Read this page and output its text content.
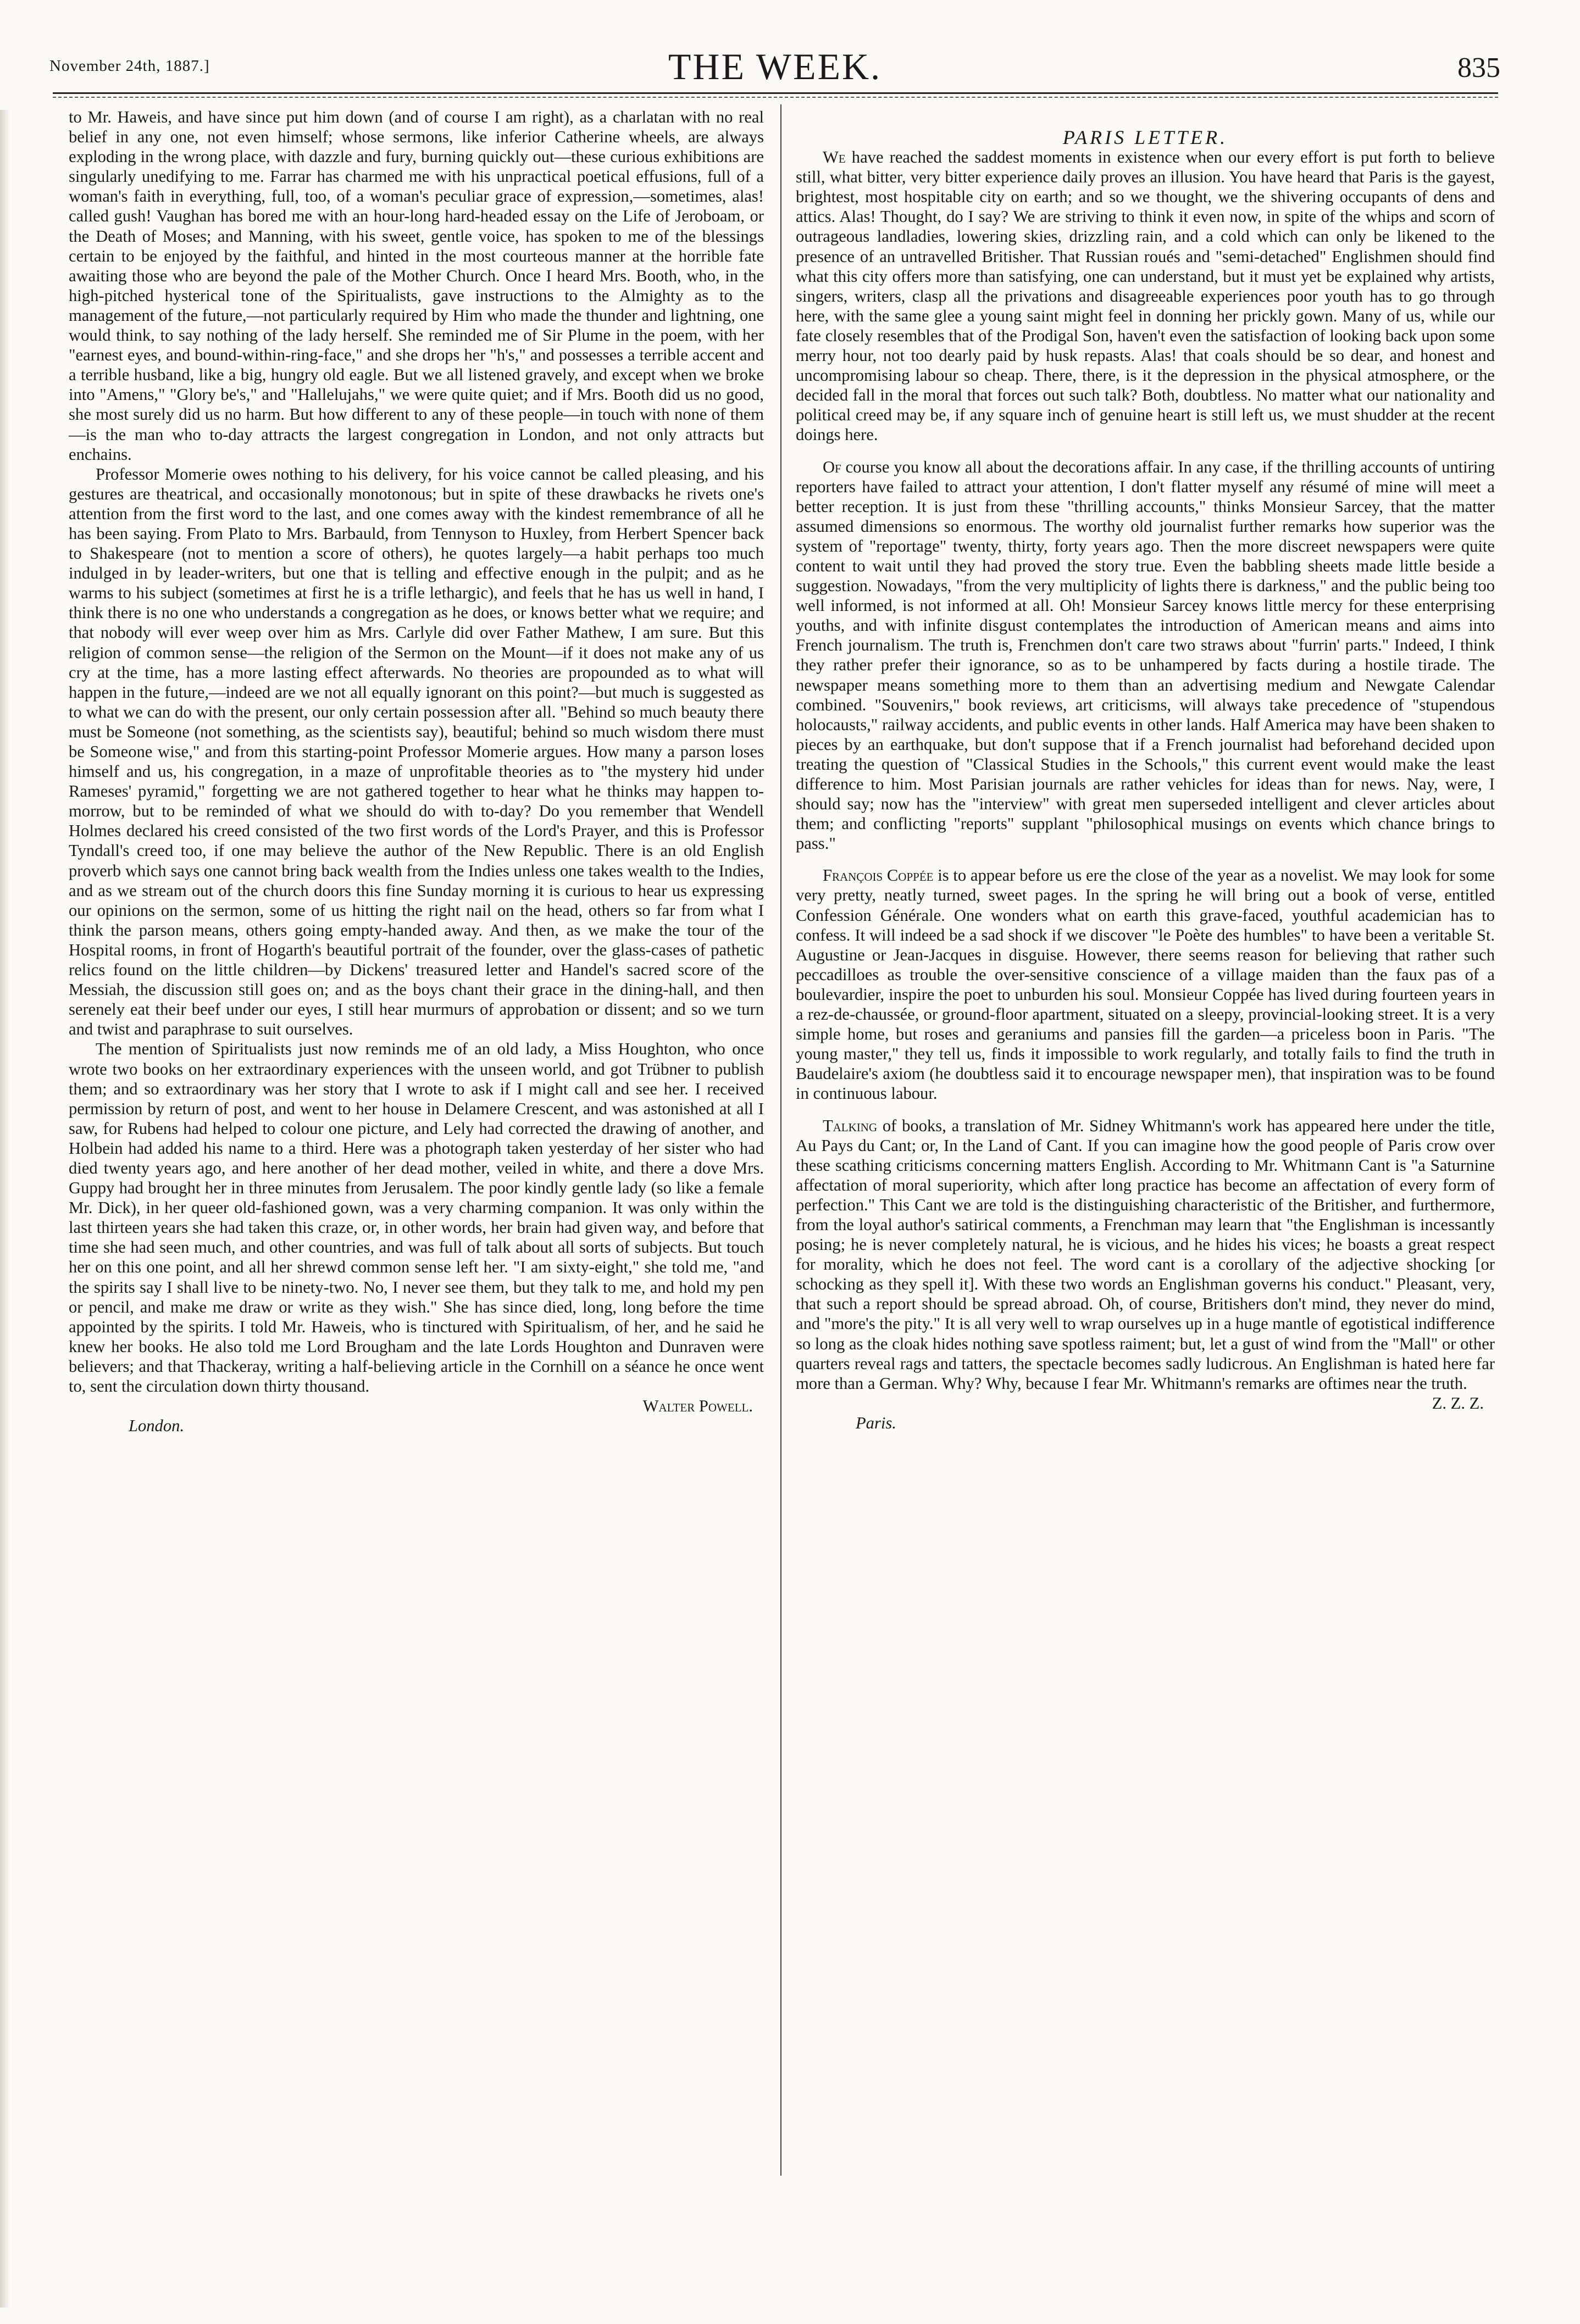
November 24th, 1887.]	THE WEEK.	835

to Mr. Haweis, and have since put him down (and of course I am right), as a charlatan with no real belief in any one, not even himself; whose sermons, like inferior Catherine wheels, are always exploding in the wrong place, with dazzle and fury, burning quickly out—these curious exhibitions are singularly unedifying to me. Farrar has charmed me with his unpractical poetical effusions, full of a woman's faith in everything, full, too, of a woman's peculiar grace of expression,—sometimes, alas! called gush! Vaughan has bored me with an hour-long hard-headed essay on the Life of Jeroboam, or the Death of Moses; and Manning, with his sweet, gentle voice, has spoken to me of the blessings certain to be enjoyed by the faithful, and hinted in the most courteous manner at the horrible fate awaiting those who are beyond the pale of the Mother Church. Once I heard Mrs. Booth, who, in the high-pitched hysterical tone of the Spiritualists, gave instructions to the Almighty as to the management of the future,—not particularly required by Him who made the thunder and lightning, one would think, to say nothing of the lady herself. She reminded me of Sir Plume in the poem, with her "earnest eyes, and bound-within-ring-face," and she drops her "h's," and possesses a terrible accent and a terrible husband, like a big, hungry old eagle. But we all listened gravely, and except when we broke into "Amens," "Glory be's," and "Hallelujahs," we were quite quiet; and if Mrs. Booth did us no good, she most surely did us no harm. But how different to any of these people—in touch with none of them—is the man who to-day attracts the largest congregation in London, and not only attracts but enchains.

Professor Momerie owes nothing to his delivery, for his voice cannot be called pleasing, and his gestures are theatrical, and occasionally monotonous; but in spite of these drawbacks he rivets one's attention from the first word to the last, and one comes away with the kindest remembrance of all he has been saying. From Plato to Mrs. Barbauld, from Tennyson to Huxley, from Herbert Spencer back to Shakespeare (not to mention a score of others), he quotes largely—a habit perhaps too much indulged in by leader-writers, but one that is telling and effective enough in the pulpit; and as he warms to his subject (sometimes at first he is a trifle lethargic), and feels that he has us well in hand, I think there is no one who understands a congregation as he does, or knows better what we require; and that nobody will ever weep over him as Mrs. Carlyle did over Father Mathew, I am sure. But this religion of common sense—the religion of the Sermon on the Mount—if it does not make any of us cry at the time, has a more lasting effect afterwards. No theories are propounded as to what will happen in the future,—indeed are we not all equally ignorant on this point?—but much is suggested as to what we can do with the present, our only certain possession after all. "Behind so much beauty there must be Someone (not something, as the scientists say), beautiful; behind so much wisdom there must be Someone wise," and from this starting-point Professor Momerie argues. How many a parson loses himself and us, his congregation, in a maze of unprofitable theories as to "the mystery hid under Rameses' pyramid," forgetting we are not gathered together to hear what he thinks may happen to-morrow, but to be reminded of what we should do with to-day? Do you remember that Wendell Holmes declared his creed consisted of the two first words of the Lord's Prayer, and this is Professor Tyndall's creed too, if one may believe the author of the New Republic. There is an old English proverb which says one cannot bring back wealth from the Indies unless one takes wealth to the Indies, and as we stream out of the church doors this fine Sunday morning it is curious to hear us expressing our opinions on the sermon, some of us hitting the right nail on the head, others so far from what I think the parson means, others going empty-handed away. And then, as we make the tour of the Hospital rooms, in front of Hogarth's beautiful portrait of the founder, over the glass-cases of pathetic relics found on the little children—by Dickens' treasured letter and Handel's sacred score of the Messiah, the discussion still goes on; and as the boys chant their grace in the dining-hall, and then serenely eat their beef under our eyes, I still hear murmurs of approbation or dissent; and so we turn and twist and paraphrase to suit ourselves.

The mention of Spiritualists just now reminds me of an old lady, a Miss Houghton, who once wrote two books on her extraordinary experiences with the unseen world, and got Trübner to publish them; and so extraordinary was her story that I wrote to ask if I might call and see her. I received permission by return of post, and went to her house in Delamere Crescent, and was astonished at all I saw, for Rubens had helped to colour one picture, and Lely had corrected the drawing of another, and Holbein had added his name to a third. Here was a photograph taken yesterday of her sister who had died twenty years ago, and here another of her dead mother, veiled in white, and there a dove Mrs. Guppy had brought her in three minutes from Jerusalem. The poor kindly gentle lady (so like a female Mr. Dick), in her queer old-fashioned gown, was a very charming companion. It was only within the last thirteen years she had taken this craze, or, in other words, her brain had given way, and before that time she had seen much, and other countries, and was full of talk about all sorts of subjects. But touch her on this one point, and all her shrewd common sense left her. "I am sixty-eight," she told me, "and the spirits say I shall live to be ninety-two. No, I never see them, but they talk to me, and hold my pen or pencil, and make me draw or write as they wish." She has since died, long, long before the time appointed by the spirits. I told Mr. Haweis, who is tinctured with Spiritualism, of her, and he said he knew her books. He also told me Lord Brougham and the late Lords Houghton and Dunraven were believers; and that Thackeray, writing a half-believing article in the Cornhill on a séance he once went to, sent the circulation down thirty thousand.

Walter Powell.

London.

PARIS LETTER.

We have reached the saddest moments in existence when our every effort is put forth to believe still, what bitter, very bitter experience daily proves an illusion. You have heard that Paris is the gayest, brightest, most hospitable city on earth; and so we thought, we the shivering occupants of dens and attics. Alas! Thought, do I say? We are striving to think it even now, in spite of the whips and scorn of outrageous landladies, lowering skies, drizzling rain, and a cold which can only be likened to the presence of an untravelled Britisher. That Russian roués and "semi-detached" Englishmen should find what this city offers more than satisfying, one can understand, but it must yet be explained why artists, singers, writers, clasp all the privations and disagreeable experiences poor youth has to go through here, with the same glee a young saint might feel in donning her prickly gown. Many of us, while our fate closely resembles that of the Prodigal Son, haven't even the satisfaction of looking back upon some merry hour, not too dearly paid by husk repasts. Alas! that coals should be so dear, and honest and uncompromising labour so cheap. There, there, is it the depression in the physical atmosphere, or the decided fall in the moral that forces out such talk? Both, doubtless. No matter what our nationality and political creed may be, if any square inch of genuine heart is still left us, we must shudder at the recent doings here.

Of course you know all about the decorations affair. In any case, if the thrilling accounts of untiring reporters have failed to attract your attention, I don't flatter myself any résumé of mine will meet a better reception. It is just from these "thrilling accounts," thinks Monsieur Sarcey, that the matter assumed dimensions so enormous. The worthy old journalist further remarks how superior was the system of "reportage" twenty, thirty, forty years ago. Then the more discreet newspapers were quite content to wait until they had proved the story true. Even the babbling sheets made little beside a suggestion. Nowadays, "from the very multiplicity of lights there is darkness," and the public being too well informed, is not informed at all. Oh! Monsieur Sarcey knows little mercy for these enterprising youths, and with infinite disgust contemplates the introduction of American means and aims into French journalism. The truth is, Frenchmen don't care two straws about "furrin' parts." Indeed, I think they rather prefer their ignorance, so as to be unhampered by facts during a hostile tirade. The newspaper means something more to them than an advertising medium and Newgate Calendar combined. "Souvenirs," book reviews, art criticisms, will always take precedence of "stupendous holocausts," railway accidents, and public events in other lands. Half America may have been shaken to pieces by an earthquake, but don't suppose that if a French journalist had beforehand decided upon treating the question of "Classical Studies in the Schools," this current event would make the least difference to him. Most Parisian journals are rather vehicles for ideas than for news. Nay, were, I should say; now has the "interview" with great men superseded intelligent and clever articles about them; and conflicting "reports" supplant "philosophical musings on events which chance brings to pass."

François Coppée is to appear before us ere the close of the year as a novelist. We may look for some very pretty, neatly turned, sweet pages. In the spring he will bring out a book of verse, entitled Confession Générale. One wonders what on earth this grave-faced, youthful academician has to confess. It will indeed be a sad shock if we discover "le Poète des humbles" to have been a veritable St. Augustine or Jean-Jacques in disguise. However, there seems reason for believing that rather such peccadilloes as trouble the over-sensitive conscience of a village maiden than the faux pas of a boulevardier, inspire the poet to unburden his soul. Monsieur Coppée has lived during fourteen years in a rez-de-chaussée, or ground-floor apartment, situated on a sleepy, provincial-looking street. It is a very simple home, but roses and geraniums and pansies fill the garden—a priceless boon in Paris. "The young master," they tell us, finds it impossible to work regularly, and totally fails to find the truth in Baudelaire's axiom (he doubtless said it to encourage newspaper men), that inspiration was to be found in continuous labour.

Talking of books, a translation of Mr. Sidney Whitmann's work has appeared here under the title, Au Pays du Cant; or, In the Land of Cant. If you can imagine how the good people of Paris crow over these scathing criticisms concerning matters English. According to Mr. Whitmann Cant is "a Saturnine affectation of moral superiority, which after long practice has become an affectation of every form of perfection." This Cant we are told is the distinguishing characteristic of the Britisher, and furthermore, from the loyal author's satirical comments, a Frenchman may learn that "the Englishman is incessantly posing; he is never completely natural, he is vicious, and he hides his vices; he boasts a great respect for morality, which he does not feel. The word cant is a corollary of the adjective shocking [or schocking as they spell it]. With these two words an Englishman governs his conduct." Pleasant, very, that such a report should be spread abroad. Oh, of course, Britishers don't mind, they never do mind, and "more's the pity." It is all very well to wrap ourselves up in a huge mantle of egotistical indifference so long as the cloak hides nothing save spotless raiment; but, let a gust of wind from the "Mall" or other quarters reveal rags and tatters, the spectacle becomes sadly ludicrous. An Englishman is hated here far more than a German. Why? Why, because I fear Mr. Whitmann's remarks are oftimes near the truth.

Z. Z. Z.

Paris.
